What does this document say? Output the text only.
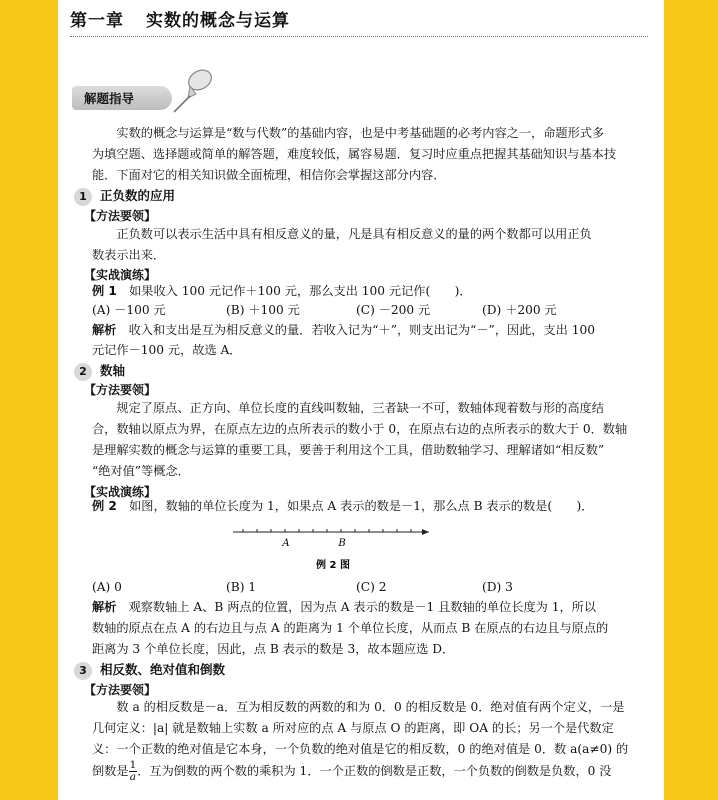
第一章 实数的概念与运算
解题指导

实数的概念与运算是“数与代数”的基础内容，也是中考基础题的必考内容之一，命题形式多

为填空题、选择题或简单的解答题，难度较低，属容易题．复习时应重点把握其基础知识与基本技

能．下面对它的相关知识做全面梳理，相信你会掌握这部分内容．

1 正负数的应用
【方法要领】

正负数可以表示生活中具有相反意义的量，凡是具有相反意义的量的两个数都可以用正负

数表示出来．

【实战演练】

例 1　 如果收入 100 元记作＋100 元，那么支出 100 元记作(　　)．

(A) －100 元	(B) ＋100 元	(C) －200 元	(D) ＋200 元

解析　 收入和支出是互为相反意义的量．若收入记为“＋”，则支出记为“－”，因此，支出 100

元记作－100 元，故选 A．

2 数轴
【方法要领】

规定了原点、正方向、单位长度的直线叫数轴，三者缺一不可，数轴体现着数与形的高度结

合，数轴以原点为界，在原点左边的点所表示的数小于 0，在原点右边的点所表示的数大于 0．数轴

是理解实数的概念与运算的重要工具，要善于利用这个工具，借助数轴学习、理解诸如“相反数”

“绝对值”等概念．

【实战演练】

例 2　 如图，数轴的单位长度为 1，如果点 A 表示的数是－1，那么点 B 表示的数是(　　)．

A	B
例 2 图
(A) 0	(B) 1	(C) 2	(D) 3

解析　 观察数轴上 A、B 两点的位置，因为点 A 表示的数是－1 且数轴的单位长度为 1，所以

数轴的原点在点 A 的右边且与点 A 的距离为 1 个单位长度，从而点 B 在原点的右边且与原点的

距离为 3 个单位长度，因此，点 B 表示的数是 3，故本题应选 D．

3 相反数、绝对值和倒数
【方法要领】

数 a 的相反数是－a．互为相反数的两数的和为 0．0 的相反数是 0．绝对值有两个定义，一是

几何定义：|a| 就是数轴上实数 a 所对应的点 A 与原点 O 的距离，即 OA 的长；另一个是代数定

义：一个正数的绝对值是它本身，一个负数的绝对值是它的相反数，0 的绝对值是 0．数 a(a≠0) 的

倒数是 $\frac{1}{a}$ ．互为倒数的两个数的乘积为 1．一个正数的倒数是正数，一个负数的倒数是负数，0 没
